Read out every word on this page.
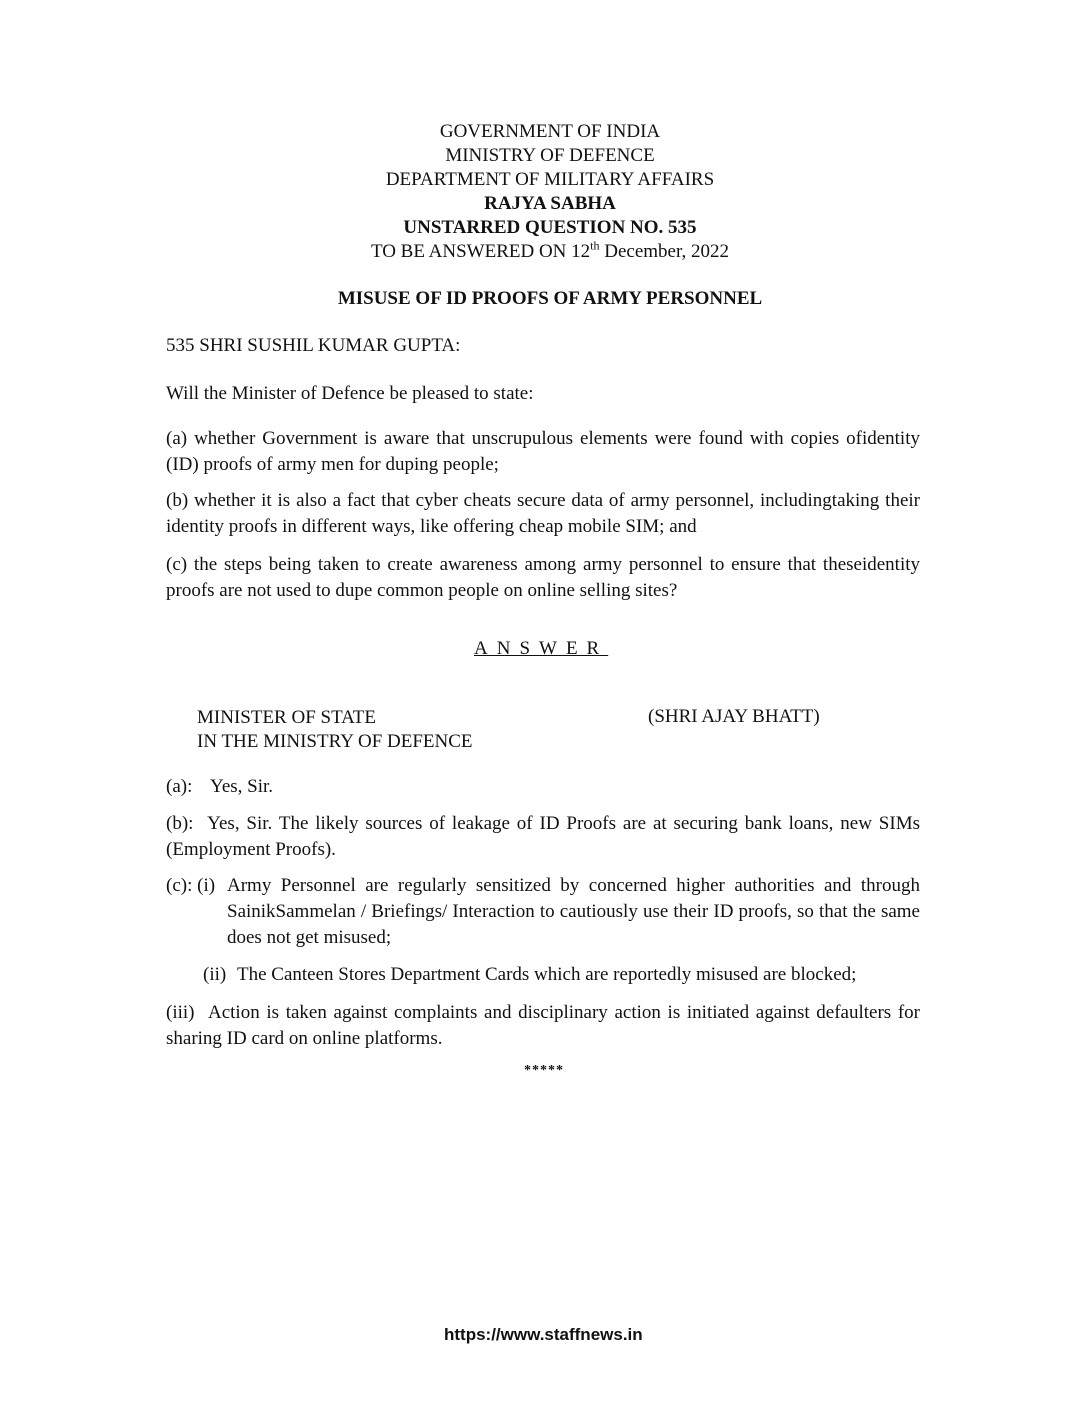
GOVERNMENT OF INDIA
MINISTRY OF DEFENCE
DEPARTMENT OF MILITARY AFFAIRS
RAJYA SABHA
UNSTARRED QUESTION NO. 535
TO BE ANSWERED ON 12th December, 2022
MISUSE OF ID PROOFS OF ARMY PERSONNEL
535 SHRI SUSHIL KUMAR GUPTA:
Will the Minister of Defence be pleased to state:
(a) whether Government is aware that unscrupulous elements were found with copies ofidentity (ID) proofs of army men for duping people;
(b) whether it is also a fact that cyber cheats secure data of army personnel, includingtaking their identity proofs in different ways, like offering cheap mobile SIM; and
(c) the steps being taken to create awareness among army personnel to ensure that theseidentity proofs are not used to dupe common people on online selling sites?
ANSWER
MINISTER OF STATE
IN THE MINISTRY OF DEFENCE
(SHRI AJAY BHATT)
(a): Yes, Sir.
(b): Yes, Sir. The likely sources of leakage of ID Proofs are at securing bank loans, new SIMs (Employment Proofs).
(c): (i) Army Personnel are regularly sensitized by concerned higher authorities and through SainikSammelan / Briefings/ Interaction to cautiously use their ID proofs, so that the same does not get misused;
(ii) The Canteen Stores Department Cards which are reportedly misused are blocked;
(iii) Action is taken against complaints and disciplinary action is initiated against defaulters for sharing ID card on online platforms.
*****
https://www.staffnews.in
